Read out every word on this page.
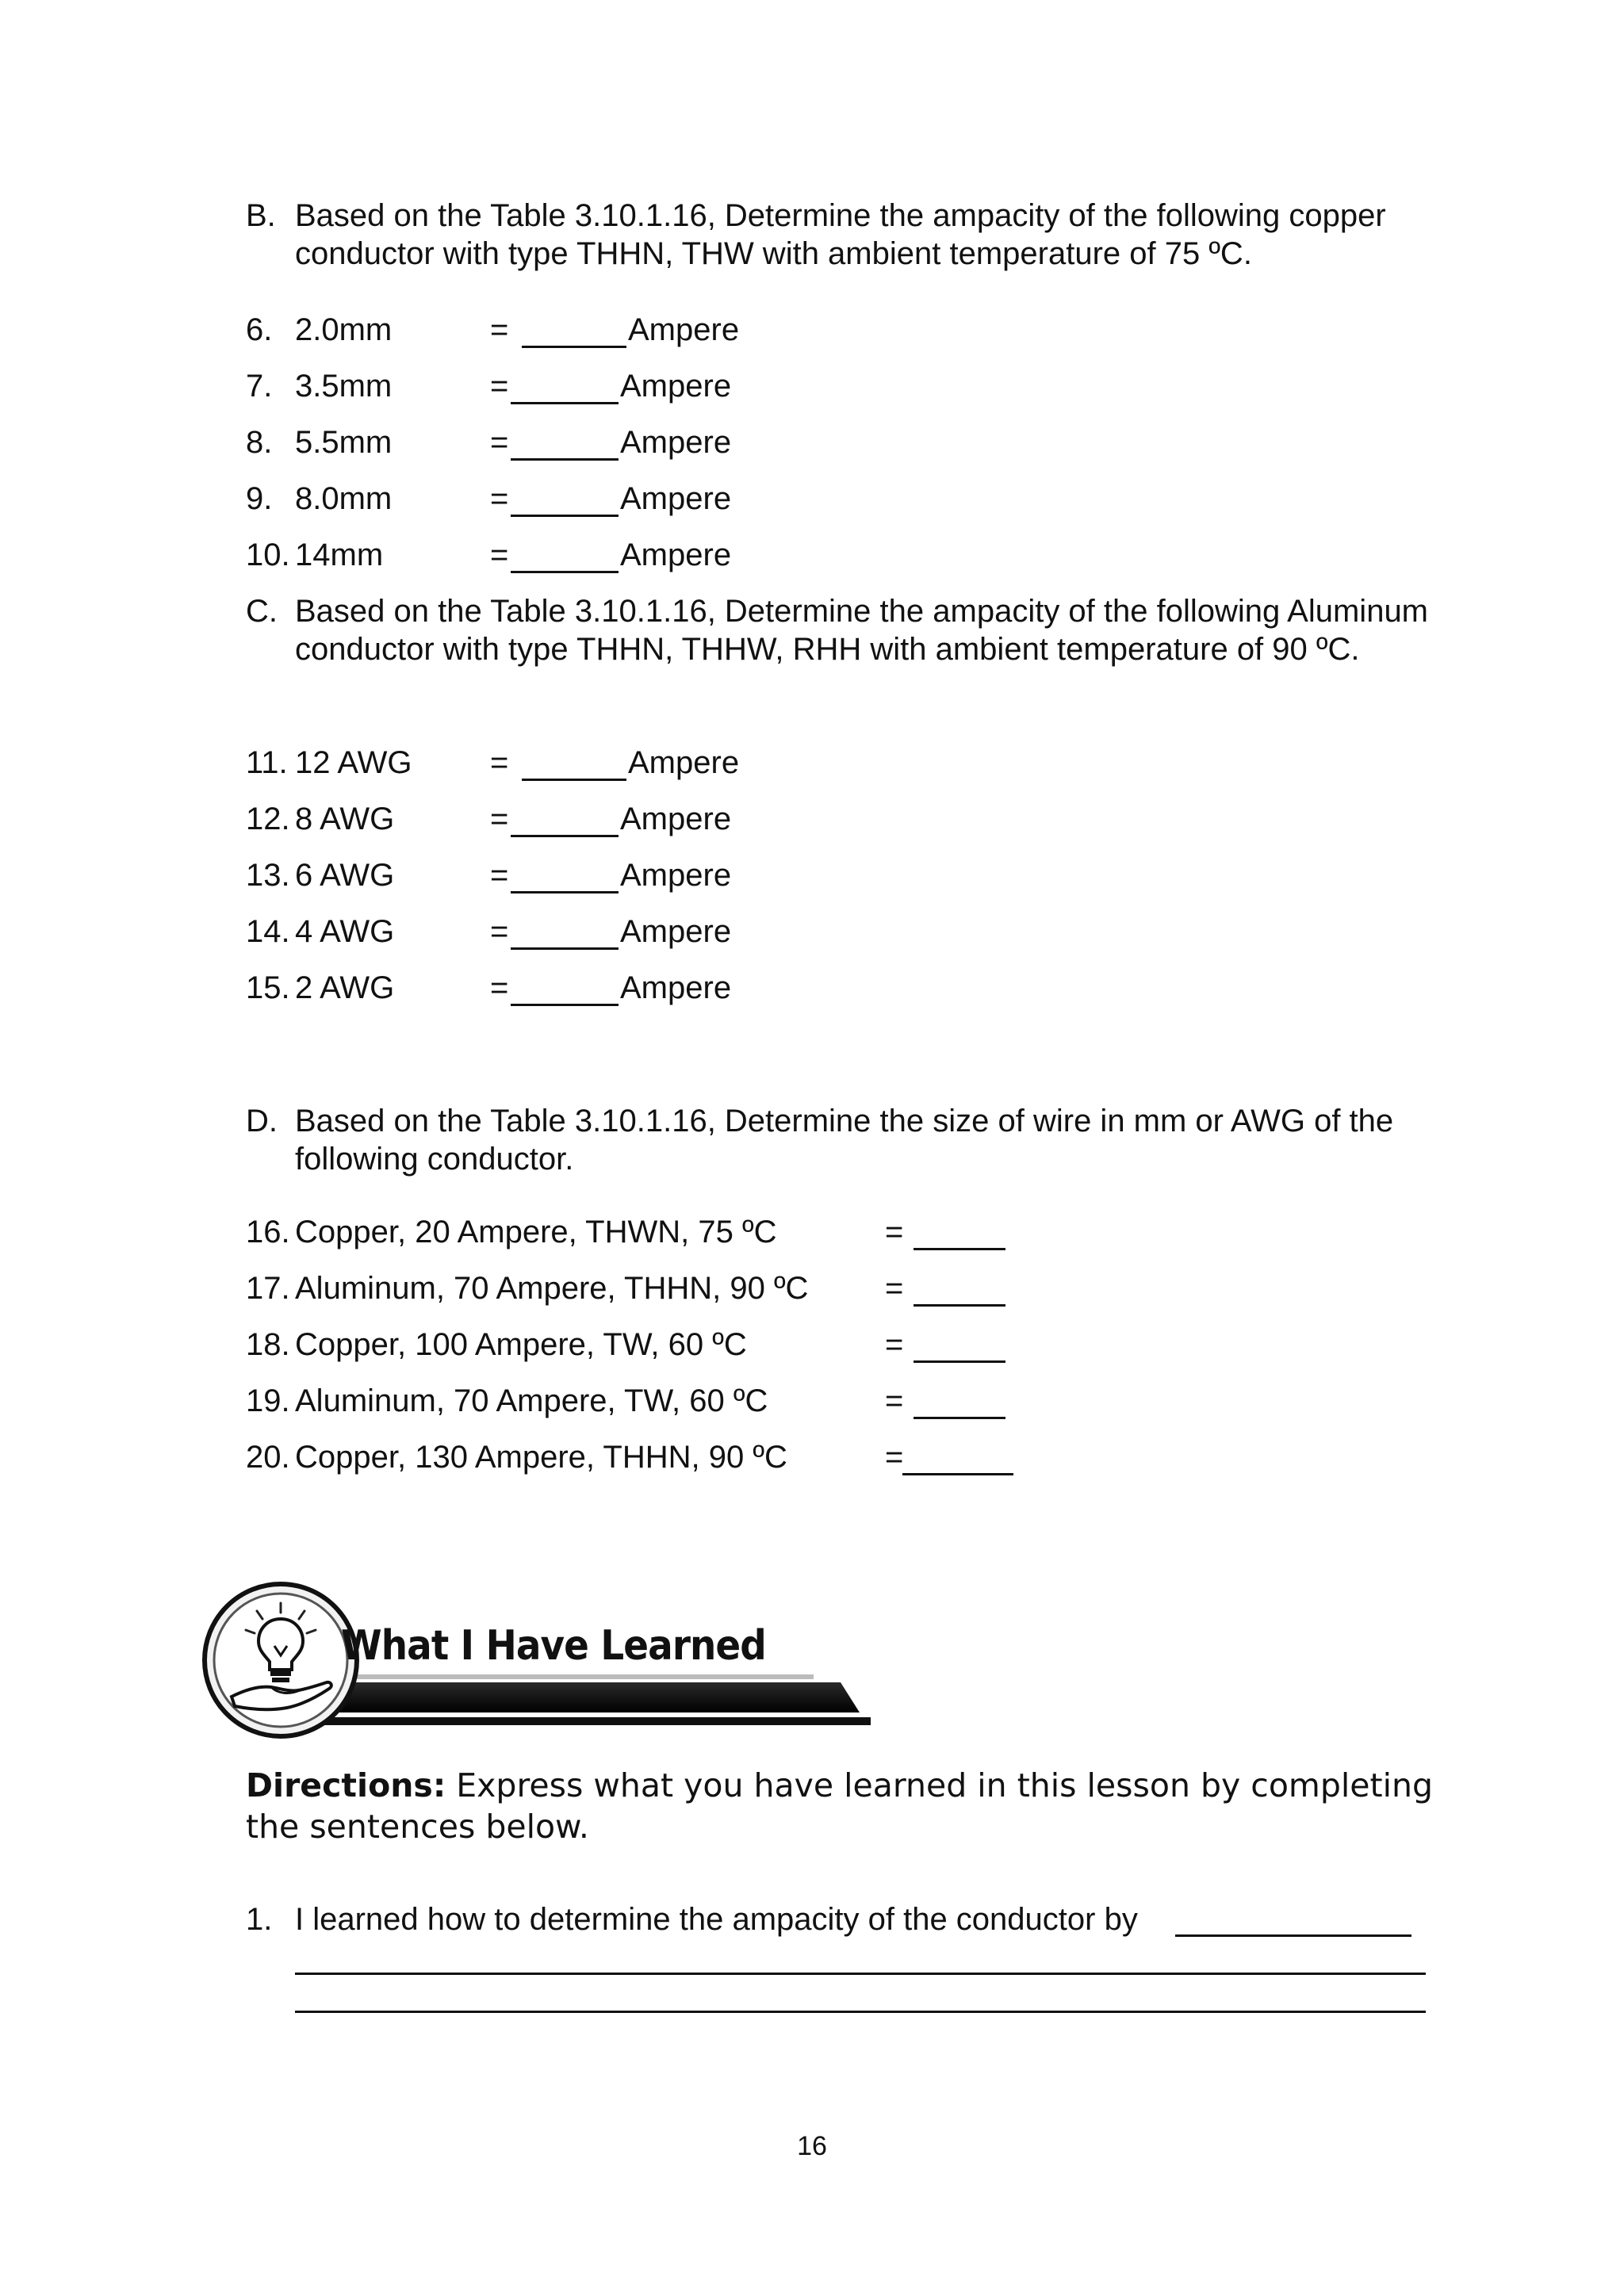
B. Based on the Table 3.10.1.16, Determine the ampacity of the following copper conductor with type THHN, THW with ambient temperature of 75 ºC.
6. 2.0mm	=	Ampere
7. 3.5mm	=	Ampere
8. 5.5mm	=	Ampere
9. 8.0mm	=	Ampere
10. 14mm	=	Ampere
C. Based on the Table 3.10.1.16, Determine the ampacity of the following Aluminum conductor with type THHN, THHW, RHH with ambient temperature of 90 ºC.
11. 12 AWG =	Ampere
12. 8 AWG	=	Ampere
13. 6 AWG	=	Ampere
14. 4 AWG	=	Ampere
15. 2 AWG	=	Ampere
D. Based on the Table 3.10.1.16, Determine the size of wire in mm or AWG of the following conductor.
16. Copper, 20 Ampere, THWN, 75 ºC	=
17. Aluminum, 70 Ampere, THHN, 90 ºC =
18. Copper, 100 Ampere, TW, 60 ºC	=
19. Aluminum, 70 Ampere, TW, 60 ºC	=
20. Copper, 130 Ampere, THHN, 90 ºC	=
What I Have Learned
Directions: Express what you have learned in this lesson by completing the sentences below.
1. I learned how to determine the ampacity of the conductor by
16
